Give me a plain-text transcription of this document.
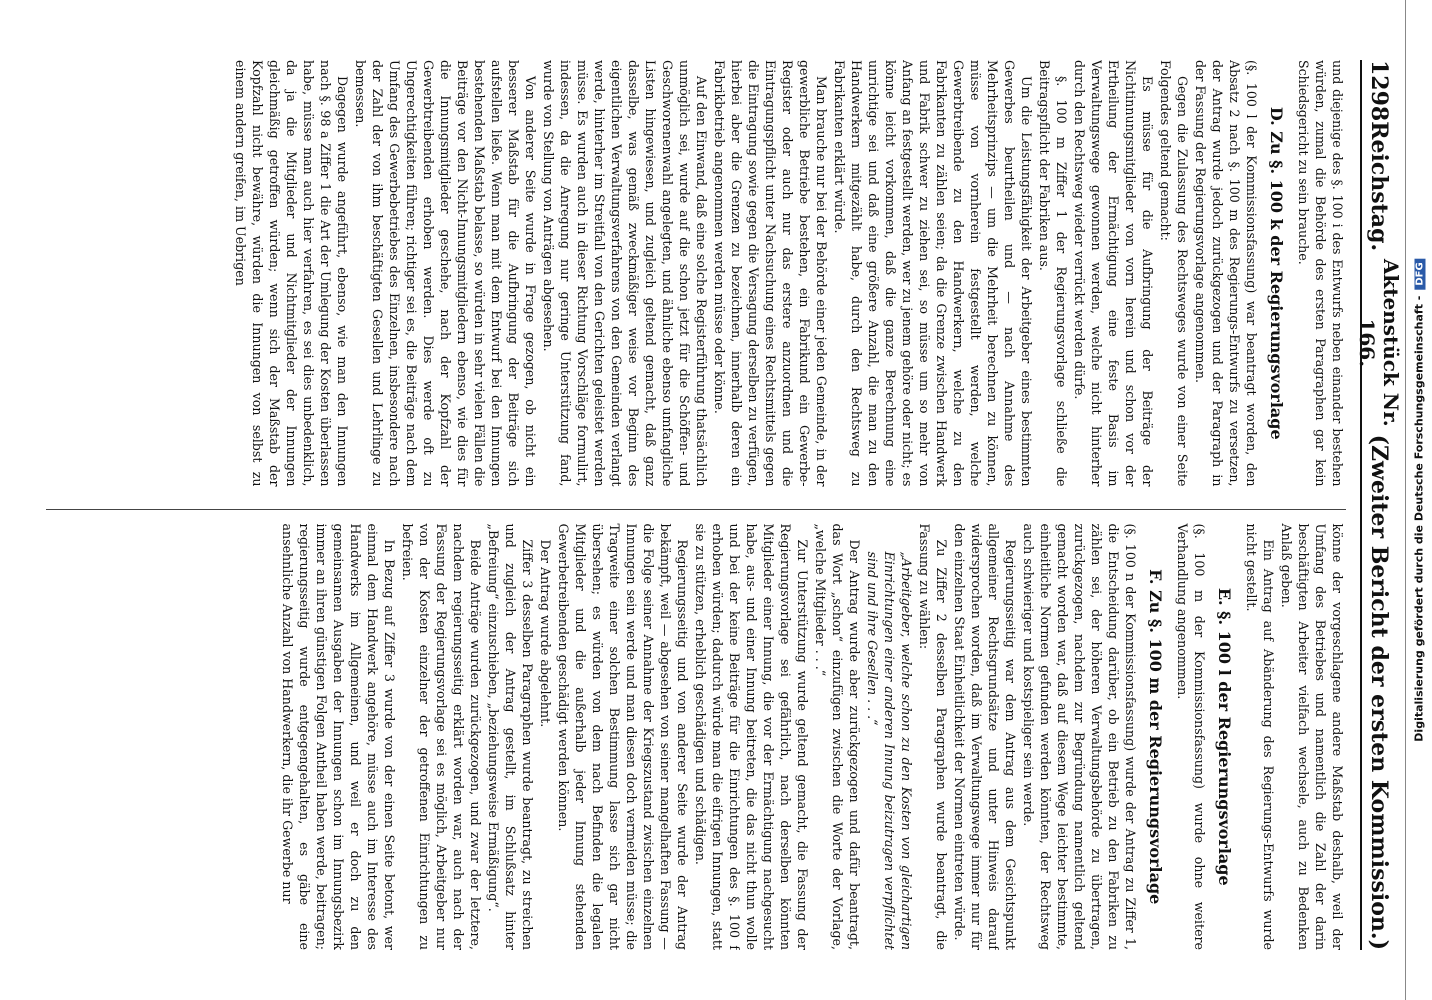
1298
Reichstag.
Aktenstück Nr. 166.
(Zweiter Bericht der ersten Kommission.)

und diejenige des §. 100 i des Entwurfs neben einander bestehen würden, zumal die Behörde des ersten Paragraphen gar kein Schiedsgericht zu sein brauche.

D. Zu §. 100 k der Regierungsvorlage

(§. 100 l der Kommissionsfassung) war beantragt worden, den Absatz 2 nach §. 100 m des Regierungs-Entwurfs zu versetzen, der Antrag wurde jedoch zurückgezogen und der Paragraph in der Fassung der Regierungsvorlage angenommen.

Gegen die Zulassung des Rechtsweges wurde von einer Seite Folgendes geltend gemacht:

Es müsse für die Aufbringung der Beiträge der Nichtinnungsmitglieder von vorn herein und schon vor der Ertheilung der Ermächtigung eine feste Basis im Verwaltungswege gewonnen werden, welche nicht hinterher durch den Rechtsweg wieder verrückt werden dürfe.

§. 100 m Ziffer 1 der Regierungsvorlage schließe die Beitragspflicht der Fabriken aus.

Um die Leistungsfähigkeit der Arbeitgeber eines bestimmten Gewerbes beurtheilen und — nach Annahme des Mehrheitsprinzips — um die Mehrheit berechnen zu können, müsse von vornherein festgestellt werden, welche Gewerbtreibende zu den Handwerkern, welche zu den Fabrikanten zu zählen seien; da die Grenze zwischen Handwerk und Fabrik schwer zu ziehen sei, so müsse um so mehr von Anfang an festgestellt werden, wer zu jenem gehöre oder nicht; es könne leicht vorkommen, daß die ganze Berechnung eine unrichtige sei und daß eine größere Anzahl, die man zu den Handwerkern mitgezählt habe, durch den Rechtsweg zu Fabrikanten erklärt würde.

Man brauche nur bei der Behörde einer jeden Gemeinde, in der gewerbliche Betriebe bestehen, ein Fabrikund ein Gewerbe-Register oder auch nur das erstere anzuordnen und die Eintragungspflicht unter Nachsuchung eines Rechtsmittels gegen die Eintragung sowie gegen die Versagung derselben zu verfügen, hierbei aber die Grenzen zu bezeichnen, innerhalb deren ein Fabrikbetrieb angenommen werden müsse oder könne.

Auf den Einwand, daß eine solche Registerführung thatsächlich unmöglich sei, wurde auf die schon jetzt für die Schöffen- und Geschworenenwahl angelegten, und ähnliche ebenso umfangliche Listen hingewiesen, und zugleich geltend gemacht, daß ganz dasselbe, was gemäß zweckmäßiger weise vor Beginn des eigentlichen Verwaltungsverfahrens von den Gemeinden verlangt werde, hinterher im Streitfall von den Gerichten geleistet werden müsse. Es wurden auch in dieser Richtung Vorschläge formulirt, indessen, da die Anregung nur geringe Unterstützung fand, wurde von Stellung von Anträgen abgesehen.

Von anderer Seite wurde in Frage gezogen, ob nicht ein besserer Maßstab für die Aufbringung der Beiträge sich aufstellen ließe. Wenn man mit dem Entwurf bei den Innungen bestehenden Maßstab belasse, so würden in sehr vielen Fällen die Beiträge vor den Nicht-Innungsmitgliedern ebenso, wie dies für die Innungsmitglieder geschehe, nach der Kopfzahl der Gewerbtreibenden erhoben werden. Dies werde oft zu Ungerechtigkeiten führen; richtiger sei es, die Beiträge nach dem Umfang des Gewerbebetriebes des Einzelnen, insbesondere nach der Zahl der von ihm beschäftigten Gesellen und Lehrlinge zu bemessen.

Dagegen wurde angeführt, ebenso, wie man den Innungen nach §. 98 a Ziffer 1 die Art der Umlegung der Kosten überlassen habe, müsse man auch hier verfahren, es sei dies unbedenklich, da ja die Mitglieder und Nichtmitglieder der Innungen gleichmäßig getroffen würden; wenn sich der Maßstab der Kopfzahl nicht bewähre, würden die Innungen von selbst zu einem andern greifen, im Uebrigen

könne der vorgeschlagene andere Maßstab deshalb, weil der Umfang des Betriebes und namentlich die Zahl der darin beschäftigten Arbeiter vielfach wechsele, auch zu Bedenken Anlaß geben.

Ein Antrag auf Abänderung des Regierungs-Entwurfs wurde nicht gestellt.

E. §. 100 l der Regierungsvorlage

(§. 100 m der Kommissionsfassung) wurde ohne weitere Verhandlung angenommen.

F. Zu §. 100 m der Regierungsvorlage

(§. 100 n der Kommissionsfassung) wurde der Antrag zu Ziffer 1, die Entscheidung darüber, ob ein Betrieb zu den Fabriken zu zählen sei, der höheren Verwaltungsbehörde zu übertragen, zurückgezogen, nachdem zur Begründung namentlich geltend gemacht worden war, daß auf diesem Wege leichter bestimmte, einheitliche Normen gefunden werden könnten, der Rechtsweg auch schwieriger und kostspieliger sein werde.

Regierungsseitig war dem Antrag aus dem Gesichtspunkt allgemeiner Rechtsgrundsätze und unter Hinweis darauf widersprochen worden, daß im Verwaltungswege immer nur für den einzelnen Staat Einheitlichkeit der Normen eintreten würde.

Zu Ziffer 2 desselben Paragraphen wurde beantragt, die Fassung zu wählen:

„Arbeitgeber, welche schon zu den Kosten von gleichartigen Einrichtungen einer anderen Innung beizutragen verpflichtet sind und ihre Gesellen . . .“

Der Antrag wurde aber zurückgezogen und dafür beantragt, das Wort „schon“ einzufügen zwischen die Worte der Vorlage, „welche Mitglieder . . .“

Zur Unterstützung wurde geltend gemacht, die Fassung der Regierungsvorlage sei gefährlich, nach derselben könnten Mitglieder einer Innung, die vor der Ermächtigung nachgesucht habe, aus- und einer Innung beitreten, die das nicht thun wolle und bei der keine Beiträge für die Einrichtungen des §. 100 f erhoben würden; dadurch würde man die eifrigen Innungen, statt sie zu stützen, erheblich geschädigen und schädigen.

Regierungsseitig und von anderer Seite wurde der Antrag bekämpft, weil — abgesehen von seiner mangelhaften Fassung — die Folge seiner Annahme der Kriegszustand zwischen einzelnen Innungen sein werde und man diesen doch vermeiden müsse; die Tragweite einer solchen Bestimmung lasse sich gar nicht übersehen; es würden von dem nach Befinden die legalen Mitglieder und die außerhalb jeder Innung stehenden Gewerbetreibenden geschädigt werden können.

Der Antrag wurde abgelehnt.

Ziffer 3 desselben Paragraphen wurde beantragt, zu streichen und zugleich der Antrag gestellt, im Schlußsatz hinter „Befreiung“ einzuschieben, „beziehungsweise Ermäßigung“.

Beide Anträge wurden zurückgezogen, und zwar der letztere, nachdem regierungsseitig erklärt worden war, auch nach der Fassung der Regierungsvorlage sei es möglich, Arbeitgeber nur von der Kosten einzelner der getroffenen Einrichtungen zu befreien.

In Bezug auf Ziffer 3 wurde von der einen Seite betont, wer einmal dem Handwerk angehöre, müsse auch im Interesse des Handwerks im Allgemeinen, und weil er doch zu den gemeinsamen Ausgaben der Innungen schon im Innungsbezirk immer an ihren günstigen Folgen Antheil haben werde, beitragen; regierungsseitig wurde entgegengehalten, es gäbe eine ansehnliche Anzahl von Handwerkern, die ihr Gewerbe nur	Digitalisierung gefördert durch die Deutsche Forschungsgemeinschaft -DFG
